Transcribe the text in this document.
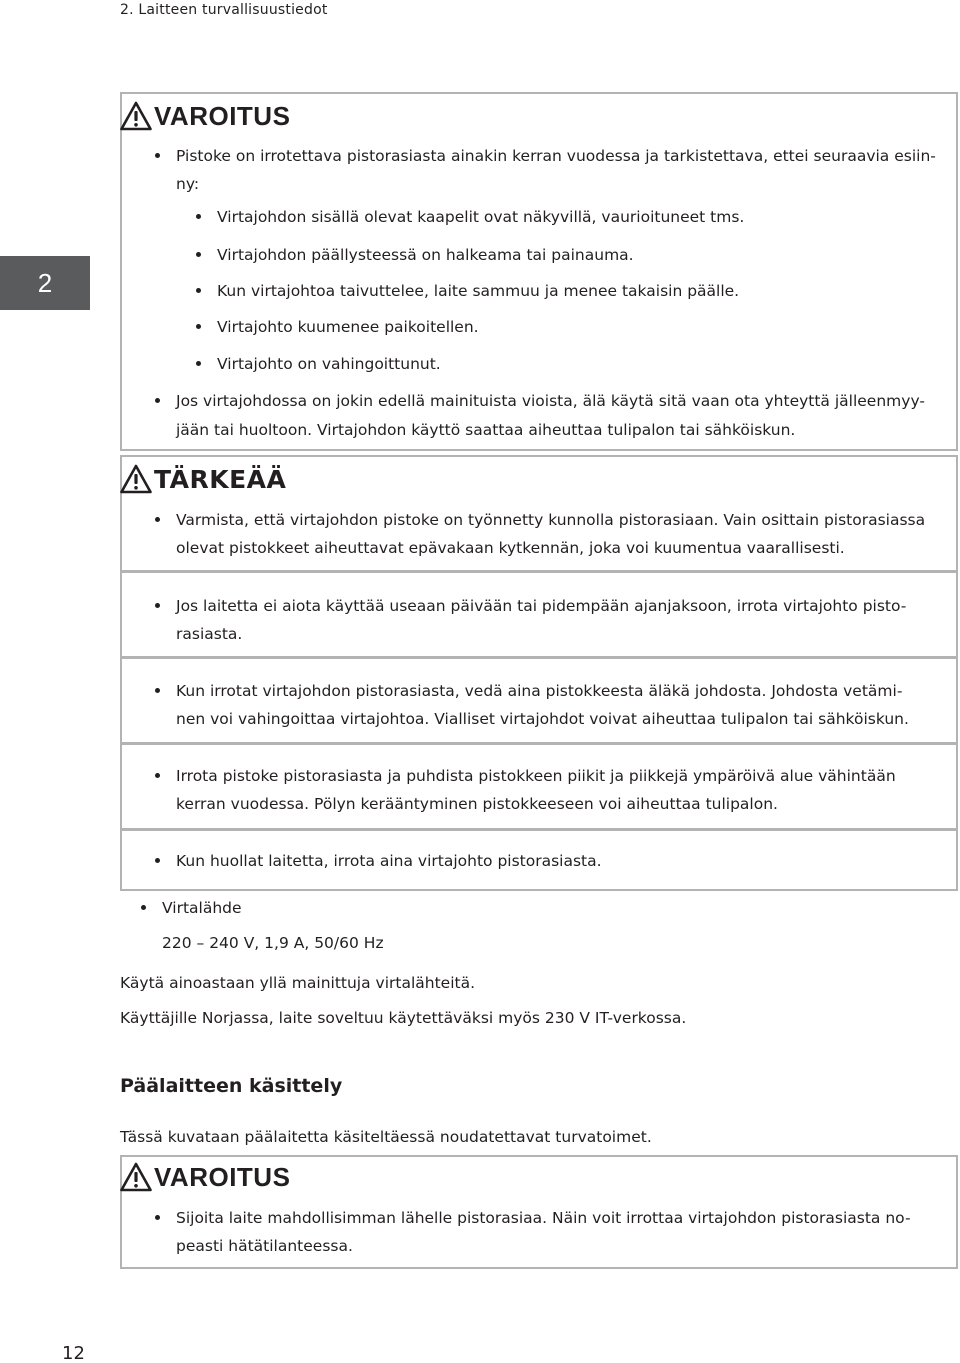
2. Laitteen turvallisuustiedot
2
12
VAROITUS
Pistoke on irrotettava pistorasiasta ainakin kerran vuodessa ja tarkistettava, ettei seuraavia esiin-
ny:
Virtajohdon sisällä olevat kaapelit ovat näkyvillä, vaurioituneet tms.
Virtajohdon päällysteessä on halkeama tai painauma.
Kun virtajohtoa taivuttelee, laite sammuu ja menee takaisin päälle.
Virtajohto kuumenee paikoitellen.
Virtajohto on vahingoittunut.
Jos virtajohdossa on jokin edellä mainituista vioista, älä käytä sitä vaan ota yhteyttä jälleenmyy-
jään tai huoltoon. Virtajohdon käyttö saattaa aiheuttaa tulipalon tai sähköiskun.
TÄRKEÄÄ
Varmista, että virtajohdon pistoke on työnnetty kunnolla pistorasiaan. Vain osittain pistorasiassa
olevat pistokkeet aiheuttavat epävakaan kytkennän, joka voi kuumentua vaarallisesti.
Jos laitetta ei aiota käyttää useaan päivään tai pidempään ajanjaksoon, irrota virtajohto pisto-
rasiasta.
Kun irrotat virtajohdon pistorasiasta, vedä aina pistokkeesta äläkä johdosta. Johdosta vetämi-
nen voi vahingoittaa virtajohtoa. Vialliset virtajohdot voivat aiheuttaa tulipalon tai sähköiskun.
Irrota pistoke pistorasiasta ja puhdista pistokkeen piikit ja piikkejä ympäröivä alue vähintään
kerran vuodessa. Pölyn kerääntyminen pistokkeeseen voi aiheuttaa tulipalon.
Kun huollat laitetta, irrota aina virtajohto pistorasiasta.
Virtalähde
220 – 240 V, 1,9 A, 50/60 Hz
Käytä ainoastaan yllä mainittuja virtalähteitä.
Käyttäjille Norjassa, laite soveltuu käytettäväksi myös 230 V IT-verkossa.
Päälaitteen käsittely
Tässä kuvataan päälaitetta käsiteltäessä noudatettavat turvatoimet.
VAROITUS
Sijoita laite mahdollisimman lähelle pistorasiaa. Näin voit irrottaa virtajohdon pistorasiasta no-
peasti hätätilanteessa.
